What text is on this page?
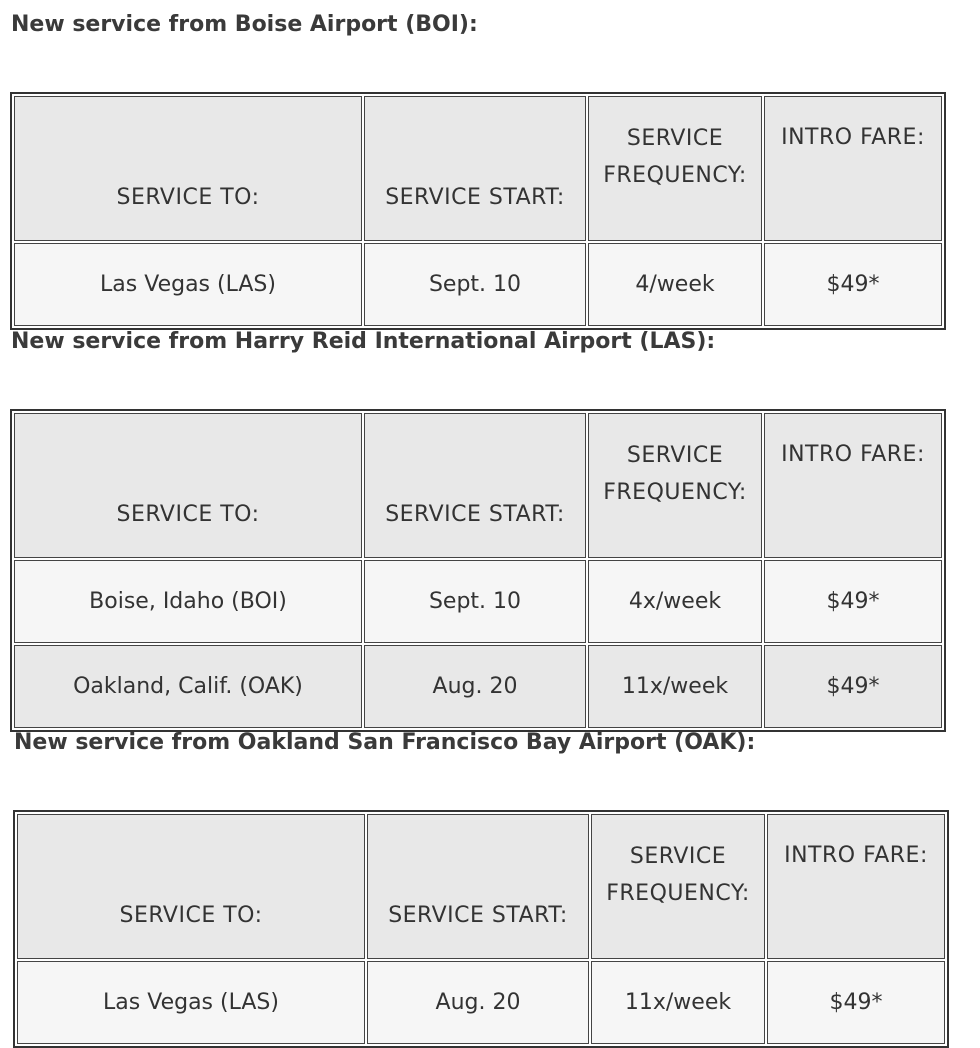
New service from Boise Airport (BOI):
SERVICE TO:	SERVICE START:	SERVICE
FREQUENCY:	INTRO FARE:
Las Vegas (LAS)	Sept. 10	4/week	$49*
New service from Harry Reid International Airport (LAS):
SERVICE TO:	SERVICE START:	SERVICE
FREQUENCY:	INTRO FARE:
Boise, Idaho (BOI)	Sept. 10	4x/week	$49*
Oakland, Calif. (OAK)	Aug. 20	11x/week	$49*
New service from Oakland San Francisco Bay Airport (OAK):
SERVICE TO:	SERVICE START:	SERVICE
FREQUENCY:	INTRO FARE:
Las Vegas (LAS)	Aug. 20	11x/week	$49*
